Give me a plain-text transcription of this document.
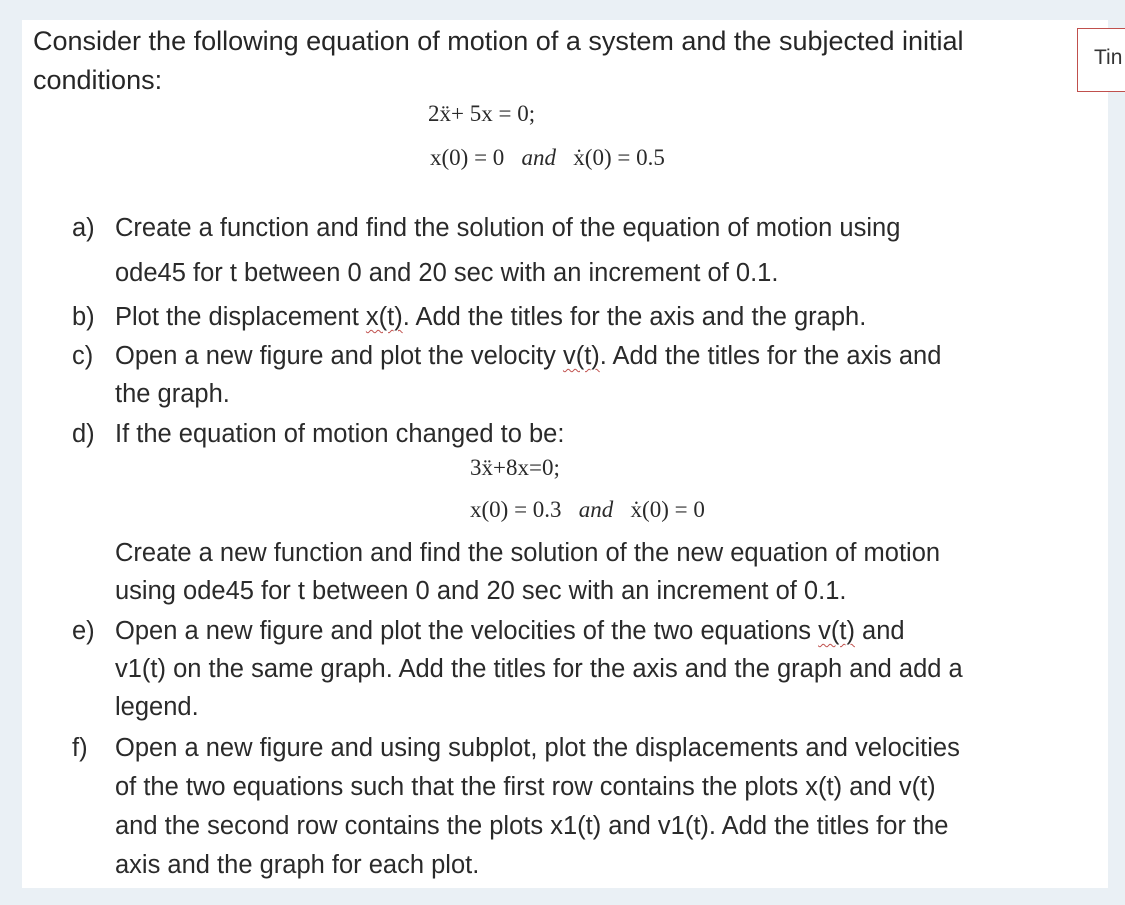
Tin
Consider the following equation of motion of a system and the subjected initial
conditions:
2ẍ+ 5x = 0;
x(0) = 0 and ẋ(0) = 0.5
a) Create a function and find the solution of the equation of motion using
ode45 for t between 0 and 20 sec with an increment of 0.1.
b) Plot the displacement x(t). Add the titles for the axis and the graph.
c) Open a new figure and plot the velocity v(t). Add the titles for the axis and
the graph.
d) If the equation of motion changed to be:
3ẍ+8x=0;
x(0) = 0.3 and ẋ(0) = 0
Create a new function and find the solution of the new equation of motion
using ode45 for t between 0 and 20 sec with an increment of 0.1.
e) Open a new figure and plot the velocities of the two equations v(t) and
v1(t) on the same graph. Add the titles for the axis and the graph and add a
legend.
f) Open a new figure and using subplot, plot the displacements and velocities
of the two equations such that the first row contains the plots x(t) and v(t)
and the second row contains the plots x1(t) and v1(t). Add the titles for the
axis and the graph for each plot.
